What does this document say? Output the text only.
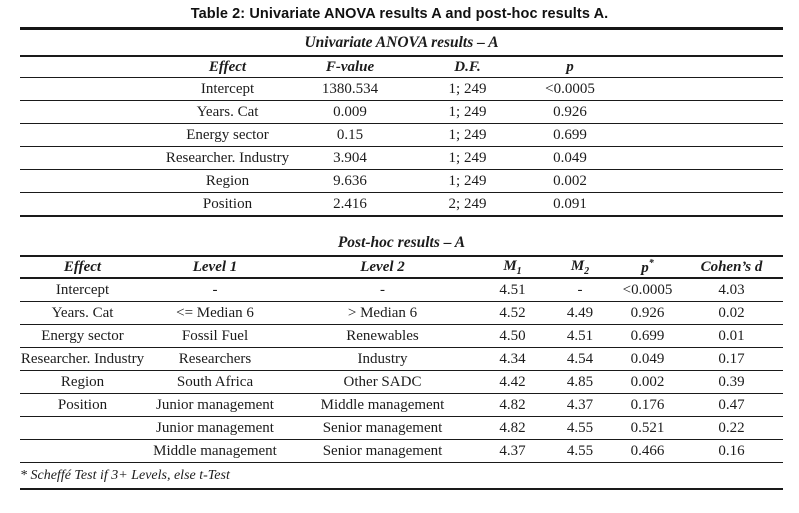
Table 2: Univariate ANOVA results A and post-hoc results A.
Univariate ANOVA results – A					
	Effect	F-value	D.F.	p	
	Intercept	1380.534	1; 249	<0.0005	
	Years. Cat	0.009	1; 249	0.926	
	Energy sector	0.15	1; 249	0.699	
	Researcher. Industry	3.904	1; 249	0.049	
	Region	9.636	1; 249	0.002	
	Position	2.416	2; 249	0.091	
Post-hoc results – A
Effect	Level 1	Level 2	$M_1$	$M_2$	p*	Cohen’s d
Intercept	-	-	4.51	-	<0.0005	4.03
Years. Cat	<= Median 6	> Median 6	4.52	4.49	0.926	0.02
Energy sector	Fossil Fuel	Renewables	4.50	4.51	0.699	0.01
Researcher. Industry	Researchers	Industry	4.34	4.54	0.049	0.17
Region	South Africa	Other SADC	4.42	4.85	0.002	0.39
Position	Junior management	Middle management	4.82	4.37	0.176	0.47
	Junior management	Senior management	4.82	4.55	0.521	0.22
	Middle management	Senior management	4.37	4.55	0.466	0.16
* Scheffé Test if 3+ Levels, else t-Test						
